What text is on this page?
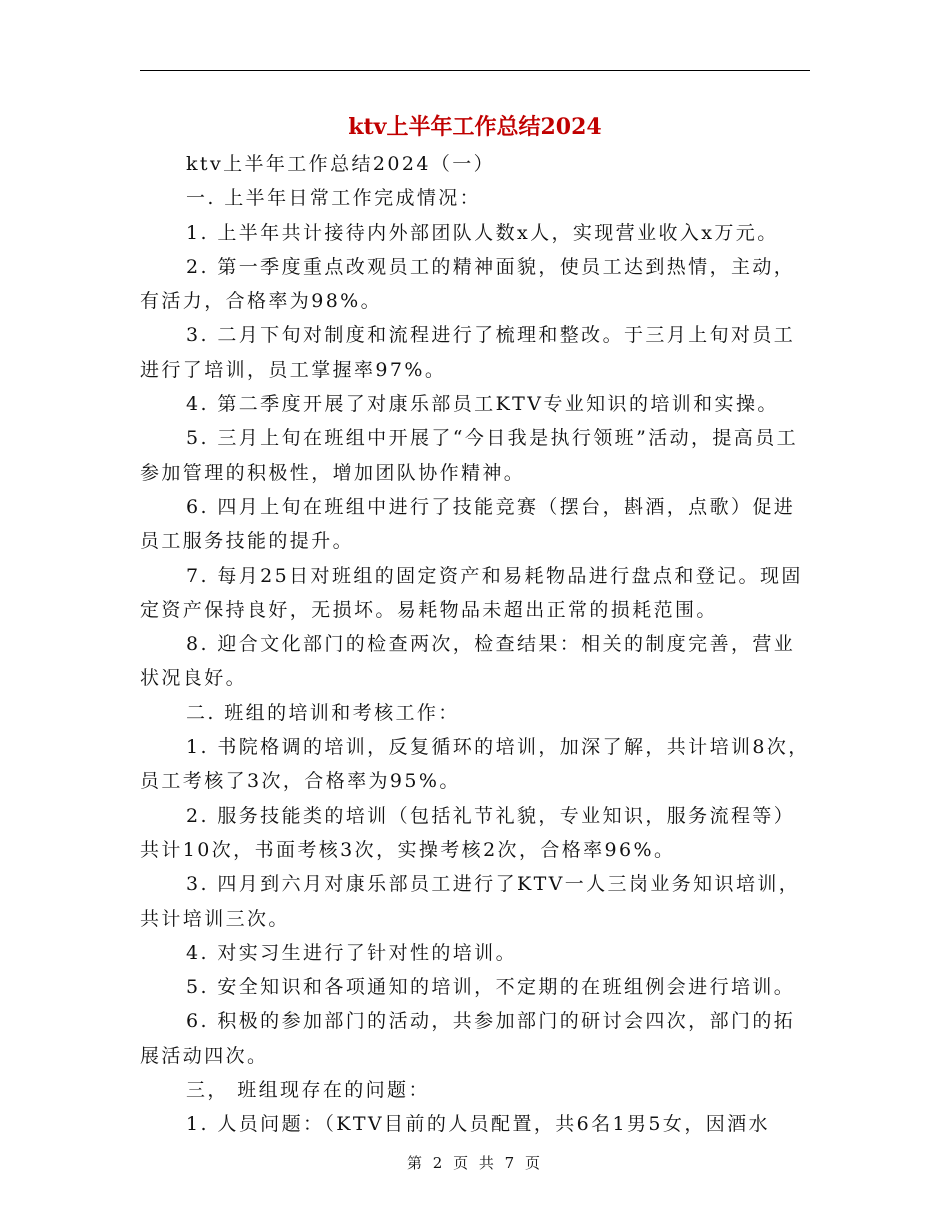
ktv上半年工作总结2024

ktv上半年工作总结2024（一）

一. 上半年日常工作完成情况：

1. 上半年共计接待内外部团队人数x人，实现营业收入x万元。

2. 第一季度重点改观员工的精神面貌，使员工达到热情，主动，有活力，合格率为98%。

3. 二月下旬对制度和流程进行了梳理和整改。于三月上旬对员工进行了培训，员工掌握率97%。

4. 第二季度开展了对康乐部员工KTV专业知识的培训和实操。

5. 三月上旬在班组中开展了“今日我是执行领班”活动，提高员工参加管理的积极性，增加团队协作精神。

6. 四月上旬在班组中进行了技能竞赛（摆台，斟酒，点歌）促进员工服务技能的提升。

7. 每月25日对班组的固定资产和易耗物品进行盘点和登记。现固定资产保持良好，无损坏。易耗物品未超出正常的损耗范围。

8. 迎合文化部门的检查两次，检查结果：相关的制度完善，营业状况良好。

二. 班组的培训和考核工作：

1. 书院格调的培训，反复循环的培训，加深了解，共计培训8次，员工考核了3次，合格率为95%。

2. 服务技能类的培训（包括礼节礼貌，专业知识，服务流程等）共计10次，书面考核3次，实操考核2次，合格率96%。

3. 四月到六月对康乐部员工进行了KTV一人三岗业务知识培训，共计培训三次。

4. 对实习生进行了针对性的培训。

5. 安全知识和各项通知的培训，不定期的在班组例会进行培训。

6. 积极的参加部门的活动，共参加部门的研讨会四次，部门的拓展活动四次。

三， 班组现存在的问题：

1. 人员问题：（KTV目前的人员配置，共6名1男5女，因酒水

第 2 页 共 7 页
